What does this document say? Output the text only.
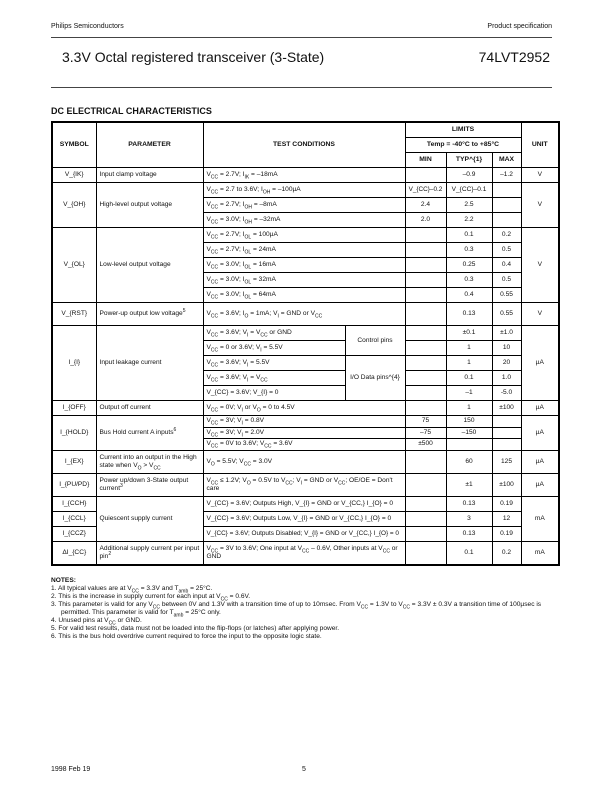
Philips Semiconductors	Product specification
3.3V Octal registered transceiver (3-State)	74LVT2952
DC ELECTRICAL CHARACTERISTICS
SYMBOL	PARAMETER	TEST CONDITIONS		LIMITS			UNIT
				Temp = -40°C to +85°C			
				MIN	TYP^{1}	MAX	
V_{IK}	Input clamp voltage	$V_{CC} = 2.7V$; $I_{IK} = -18mA$			–0.9	–1.2	V
V_{OH}	High-level output voltage	$V_{CC} = 2.7$ to 3.6V; $I_{OH} = -100\mu A$		V_{CC}–0.2	V_{CC}–0.1		V
		$V_{CC} = 2.7V$; $I_{OH} = -8mA$		2.4	2.5		
		$V_{CC} = 3.0V$; $I_{OH} = -32mA$		2.0	2.2		
V_{OL}	Low-level output voltage	$V_{CC} = 2.7V$; $I_{OL} = 100\mu A$			0.1	0.2	V
		$V_{CC} = 2.7V$; $I_{OL} = 24mA$			0.3	0.5	
		$V_{CC} = 3.0V$; $I_{OL} = 16mA$			0.25	0.4	
		$V_{CC} = 3.0V$; $I_{OL} = 32mA$			0.3	0.5	
		$V_{CC} = 3.0V$; $I_{OL} = 64mA$			0.4	0.55	
V_{RST}	Power-up output low voltage$^5$	$V_{CC} = 3.6V$; $I_O = 1mA$; $V_I$ = GND or $V_{CC}$			0.13	0.55	V
I_{I}	Input leakage current	$V_{CC} = 3.6V$; $V_I = V_{CC}$ or GND	Control pins		±0.1	±1.0	µA
		$V_{CC} = 0$ or 3.6V; $V_I = 5.5V$			1	10	
		$V_{CC} = 3.6V$; $V_I = 5.5V$	I/O Data pins^{4}		1	20	
		$V_{CC} = 3.6V$; $V_I = V_{CC}$			0.1	1.0	
		V_{CC} = 3.6V; V_{I} = 0			–1	-5.0	
I_{OFF}	Output off current	$V_{CC} = 0V$; $V_I$ or $V_O = 0$ to 4.5V			1	±100	µA
I_{HOLD}	Bus Hold current A inputs$^6$	$V_{CC} = 3V$; $V_I = 0.8V$		75	150		µA
		$V_{CC} = 3V$; $V_I = 2.0V$		–75	–150		
		$V_{CC} = 0V$ to 3.6V; $V_{CC} = 3.6V$		±500			
I_{EX}	Current into an output in the High state when $V_O > V_{CC}$	$V_O = 5.5V$; $V_{CC} = 3.0V$			60	125	µA
I_{PU/PD}	Power up/down 3-State output current$^3$	$V_{CC} \le 1.2V$; $V_O = 0.5V$ to $V_{CC}$; $V_I$ = GND or $V_{CC}$; OE/OE = Don't care			±1	±100	µA
I_{CCH}	Quiescent supply current	V_{CC} = 3.6V; Outputs High, V_{I} = GND or V_{CC,} I_{O} = 0			0.13	0.19	mA
I_{CCL}		V_{CC} = 3.6V; Outputs Low, V_{I} = GND or V_{CC,} I_{O} = 0			3	12	
I_{CCZ}		V_{CC} = 3.6V; Outputs Disabled; V_{I} = GND or V_{CC,} I_{O} = 0			0.13	0.19	
ΔI_{CC}	Additional supply current per input pin$^2$	$V_{CC} = 3V$ to 3.6V; One input at $V_{CC} - 0.6V$, Other inputs at $V_{CC}$ or GND			0.1	0.2	mA
NOTES:
1. All typical values are at $V_{CC} = 3.3V$ and $T_{amb} = 25^\circ C$.
2. This is the increase in supply current for each input at $V_{CC} = 0.6V$.
3. This parameter is valid for any $V_{CC}$ between 0V and 1.3V with a transition time of up to 10msec. From $V_{CC} = 1.3V$ to $V_{CC} = 3.3V \pm 0.3V$ a transition time of 100µsec is permitted. This parameter is valid for $T_{amb} = 25^\circ C$ only.
4. Unused pins at $V_{CC}$ or GND.
5. For valid test results, data must not be loaded into the flip-flops (or latches) after applying power.
6. This is the bus hold overdrive current required to force the input to the opposite logic state.
1998 Feb 19	5
